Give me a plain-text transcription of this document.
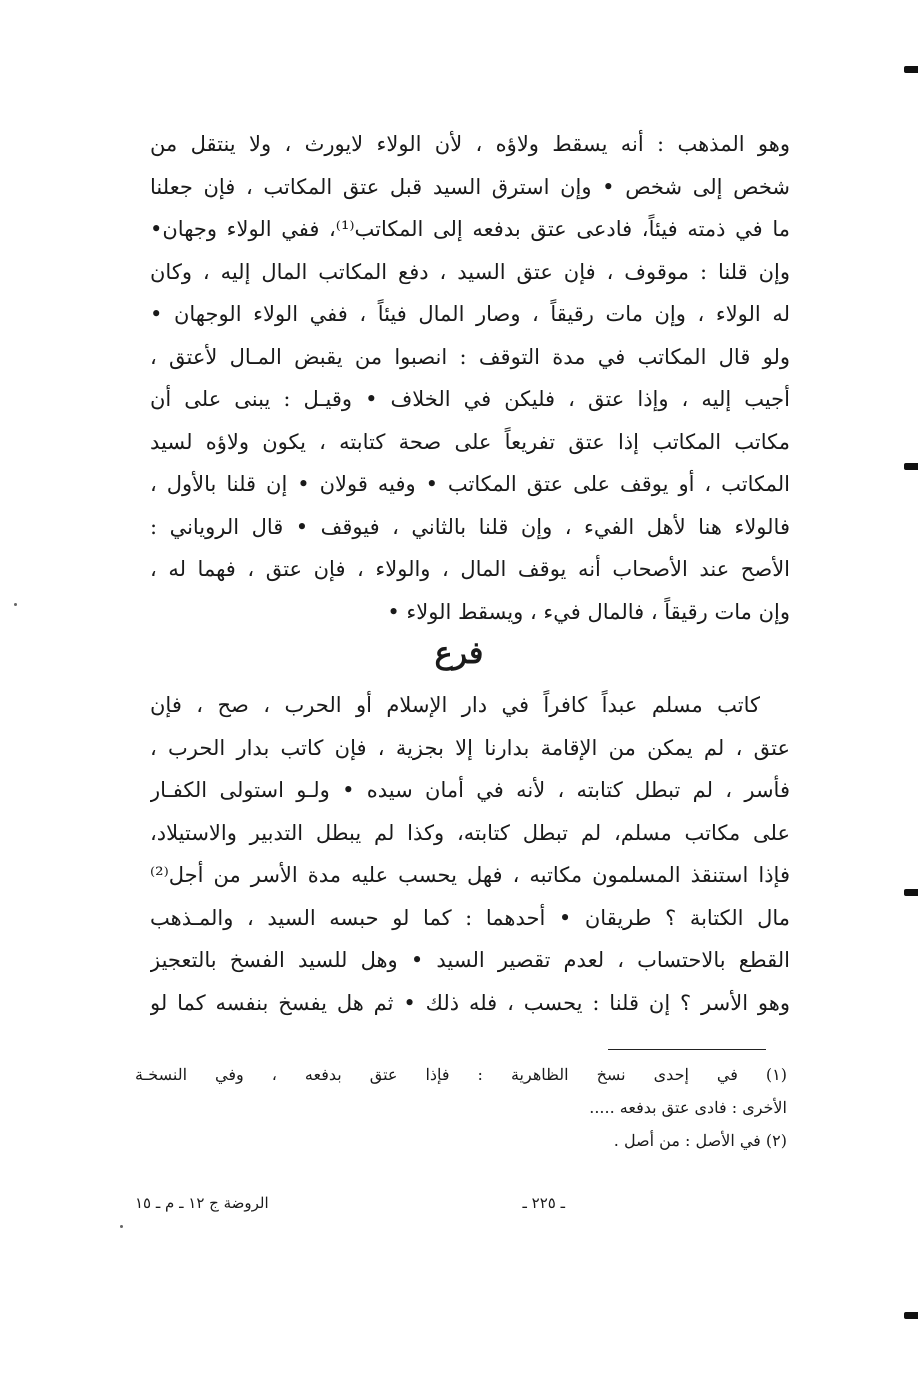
وهو المذهب : أنه يسقط ولاؤه ، لأن الولاء لايورث ، ولا ينتقل من
شخص إلى شخص • وإن استرق السيد قبل عتق المكاتب ، فإن جعلنا
ما في ذمته فيئاً، فادعى عتق بدفعه إلى المكاتب⁽¹⁾، ففي الولاء وجهان•
وإن قلنا : موقوف ، فإن عتق السيد ، دفع المكاتب المال إليه ، وكان
له الولاء ، وإن مات رقيقاً ، وصار المال فيئاً ، ففي الولاء الوجهان •
ولو قال المكاتب في مدة التوقف : انصبوا من يقبض المـال لأعتق ،
أجيب إليه ، وإذا عتق ، فليكن في الخلاف • وقيـل : يبنى على أن
مكاتب المكاتب إذا عتق تفريعاً على صحة كتابته ، يكون ولاؤه لسيد
المكاتب ، أو يوقف على عتق المكاتب • وفيه قولان • إن قلنا بالأول ،
فالولاء هنا لأهل الفيء ، وإن قلنا بالثاني ، فيوقف • قال الروياني :
الأصح عند الأصحاب أنه يوقف المال ، والولاء ، فإن عتق ، فهما له ،
وإن مات رقيقاً ، فالمال فيء ، ويسقط الولاء •
فرع
كاتب مسلم عبداً كافراً في دار الإسلام أو الحرب ، صح ، فإن
عتق ، لم يمكن من الإقامة بدارنا إلا بجزية ، فإن كاتب بدار الحرب ،
فأسر ، لم تبطل كتابته ، لأنه في أمان سيده • ولـو استولى الكفـار
على مكاتب مسلم، لم تبطل كتابته، وكذا لم يبطل التدبير والاستيلاد،
فإذا استنقذ المسلمون مكاتبه ، فهل يحسب عليه مدة الأسر من أجل⁽²⁾
مال الكتابة ؟ طريقان • أحدهما : كما لو حبسه السيد ، والمـذهب
القطع بالاحتساب ، لعدم تقصير السيد • وهل للسيد الفسخ بالتعجيز
وهو الأسر ؟ إن قلنا : يحسب ، فله ذلك • ثم هل يفسخ بنفسه كما لو
(١) في إحدى نسخ الظاهرية : فإذا عتق بدفعه ، وفي النسخـة
الأخرى : فادى عتق بدفعه .....
(٢) في الأصل : من أصل .
ـ ٢٢٥ ـ
الروضة ج ١٢ ـ م ـ ١٥
